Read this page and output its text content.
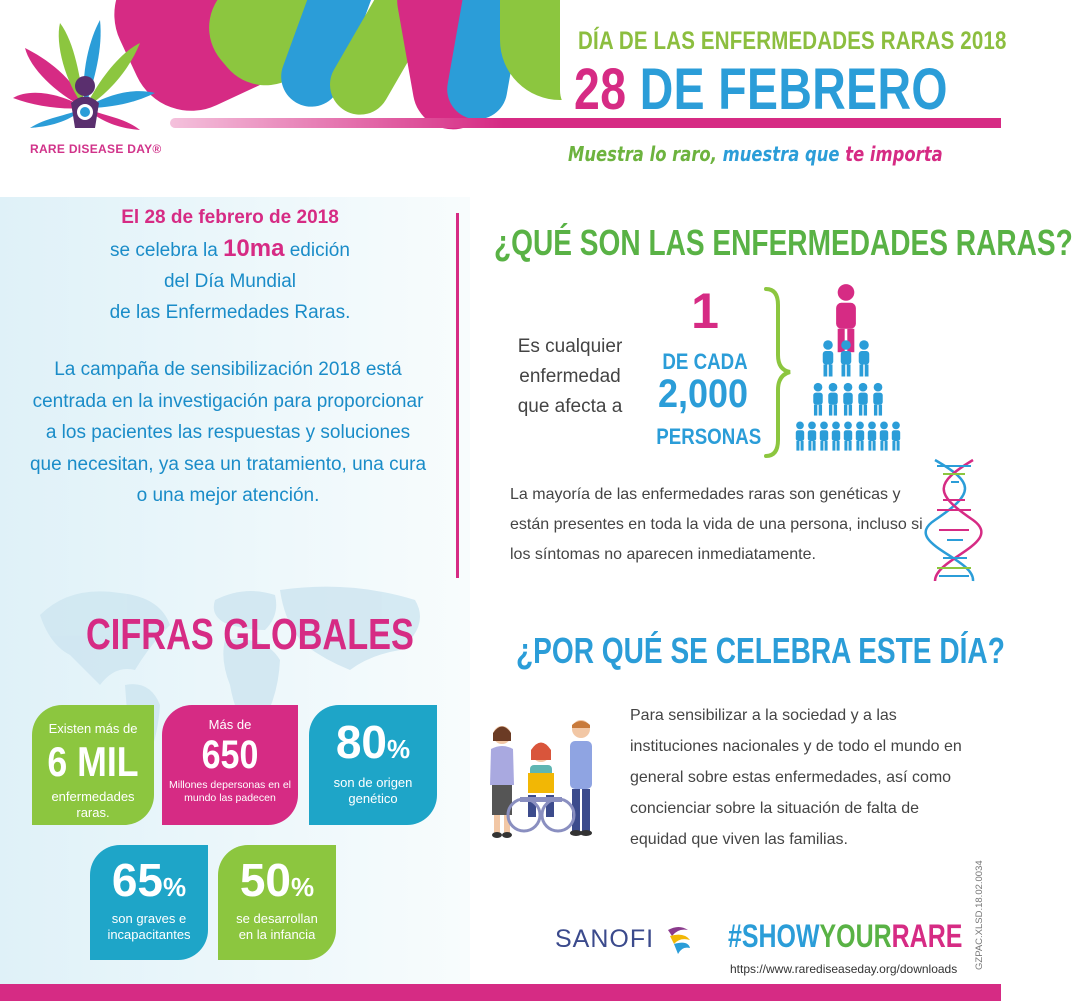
RARE DISEASE DAY®
DÍA DE LAS ENFERMEDADES RARAS 2018
28 DE FEBRERO
Muestra lo raro, muestra que te importa
El 28 de febrero de 2018
se celebra la 10ma edición
del Día Mundial
de las Enfermedades Raras.
La campaña de sensibilización 2018 está centrada en la investigación para proporcionar a los pacientes las respuestas y soluciones que necesitan, ya sea un tratamiento, una cura o una mejor atención.
¿QUÉ SON LAS ENFERMEDADES RARAS?
Es cualquier enfermedad que afecta a
1
DE CADA
2,000
PERSONAS
La mayoría de las enfermedades raras son genéticas y están presentes en toda la vida de una persona, incluso si los síntomas no aparecen inmediatamente.
¿POR QUÉ SE CELEBRA ESTE DÍA?
Para sensibilizar a la sociedad y a las instituciones nacionales y de todo el mundo en general sobre estas enfermedades, así como concienciar sobre la situación de falta de equidad que viven las familias.
SANOFI #SHOWYOURRARE
https://www.rarediseaseday.org/downloads GZPAC.XLSD.18.02.0034
CIFRAS GLOBALES
Existen más de
6 MIL
enfermedades raras.
Más de
650
Millones depersonas en el mundo las padecen
80%
son de origen genético
65%
son graves e incapacitantes
50%
se desarrollan en la infancia
